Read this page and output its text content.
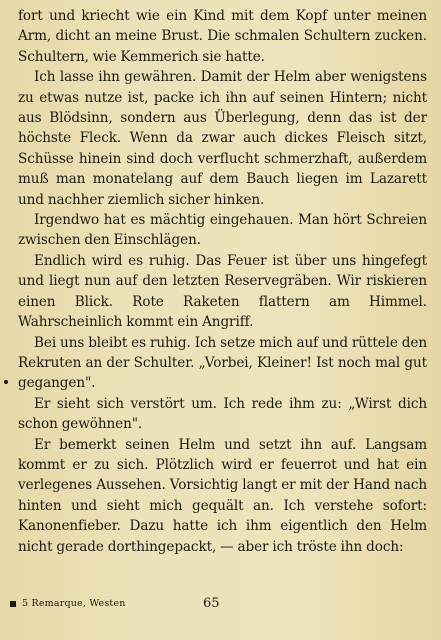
fort und kriecht wie ein Kind mit dem Kopf unter meinen Arm, dicht an meine Brust. Die schmalen Schultern zucken. Schultern, wie Kemmerich sie hatte.

Ich lasse ihn gewähren. Damit der Helm aber wenigstens zu etwas nutze ist, packe ich ihn auf seinen Hintern; nicht aus Blödsinn, sondern aus Überlegung, denn das ist der höchste Fleck. Wenn da zwar auch dickes Fleisch sitzt, Schüsse hinein sind doch verflucht schmerzhaft, außerdem muß man monatelang auf dem Bauch liegen im Lazarett und nachher ziemlich sicher hinken.

Irgendwo hat es mächtig eingehauen. Man hört Schreien zwischen den Einschlägen.

Endlich wird es ruhig. Das Feuer ist über uns hingefegt und liegt nun auf den letzten Reservegräben. Wir riskieren einen Blick. Rote Raketen flattern am Himmel. Wahrscheinlich kommt ein Angriff.

Bei uns bleibt es ruhig. Ich setze mich auf und rüttele den Rekruten an der Schulter. „Vorbei, Kleiner! Ist noch mal gut gegangen".

Er sieht sich verstört um. Ich rede ihm zu: „Wirst dich schon gewöhnen".

Er bemerkt seinen Helm und setzt ihn auf. Langsam kommt er zu sich. Plötzlich wird er feuerrot und hat ein verlegenes Aussehen. Vorsichtig langt er mit der Hand nach hinten und sieht mich gequält an. Ich verstehe sofort: Kanonenfieber. Dazu hatte ich ihm eigentlich den Helm nicht gerade dorthingepackt, — aber ich tröste ihn doch:

5 Remarque, Westen	65
